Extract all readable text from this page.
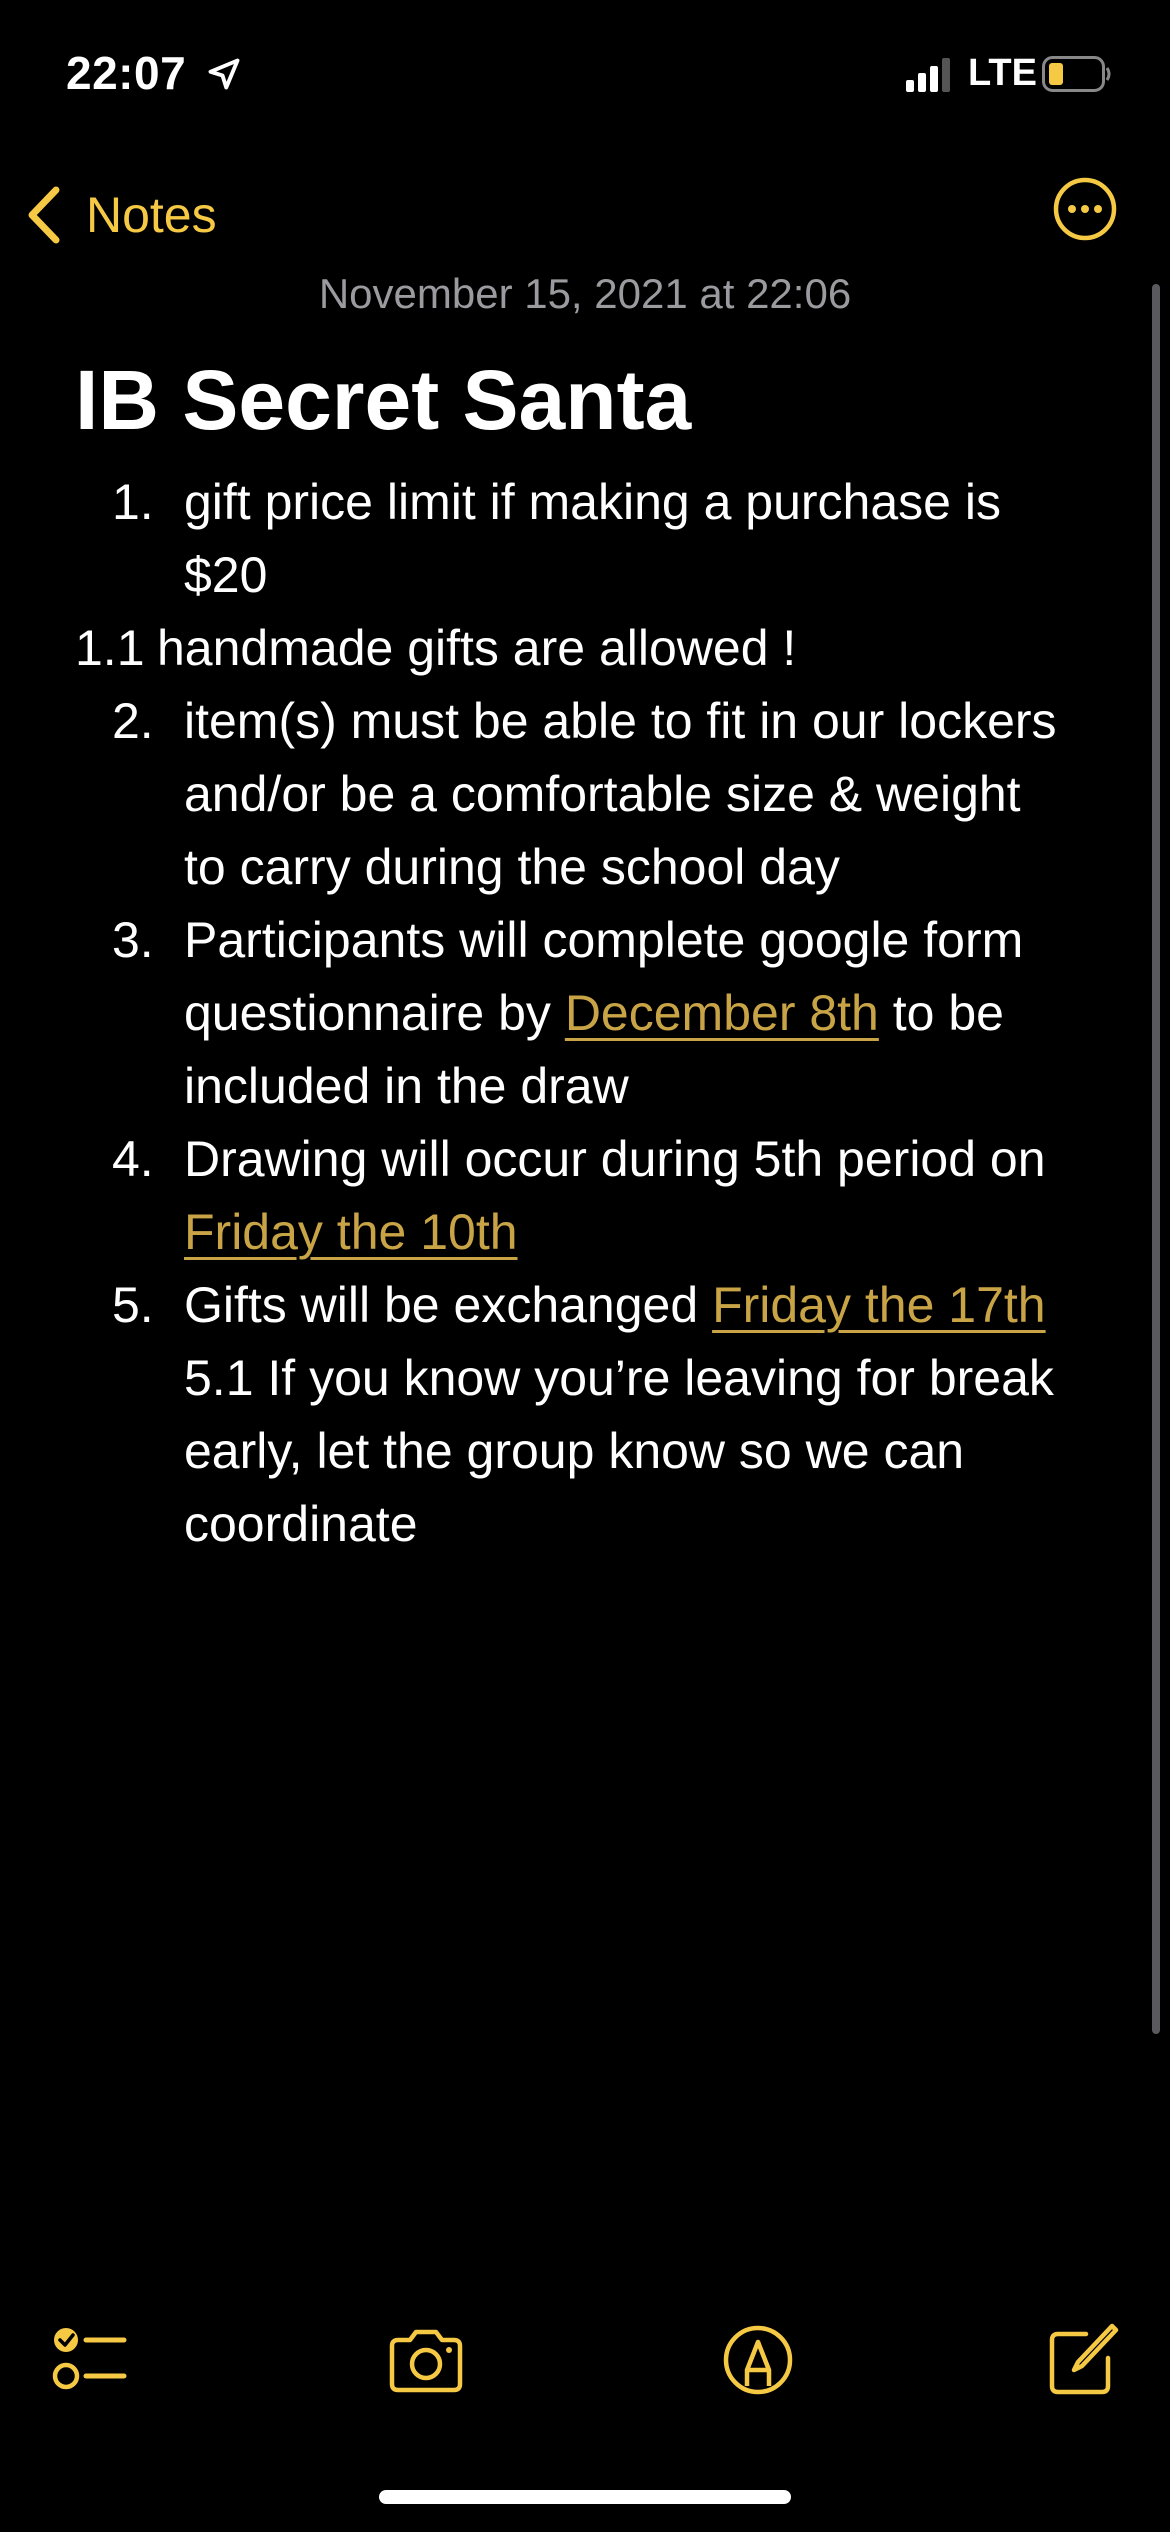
22:07	LTE
Notes
November 15, 2021 at 22:06
IB Secret Santa
1. gift price limit if making a purchase is
$20
1.1 handmade gifts are allowed !
2. item(s) must be able to fit in our lockers
and/or be a comfortable size & weight
to carry during the school day
3. Participants will complete google form
questionnaire by December 8th to be
included in the draw
4. Drawing will occur during 5th period on
Friday the 10th
5. Gifts will be exchanged Friday the 17th
5.1 If you know you’re leaving for break
early, let the group know so we can
coordinate
